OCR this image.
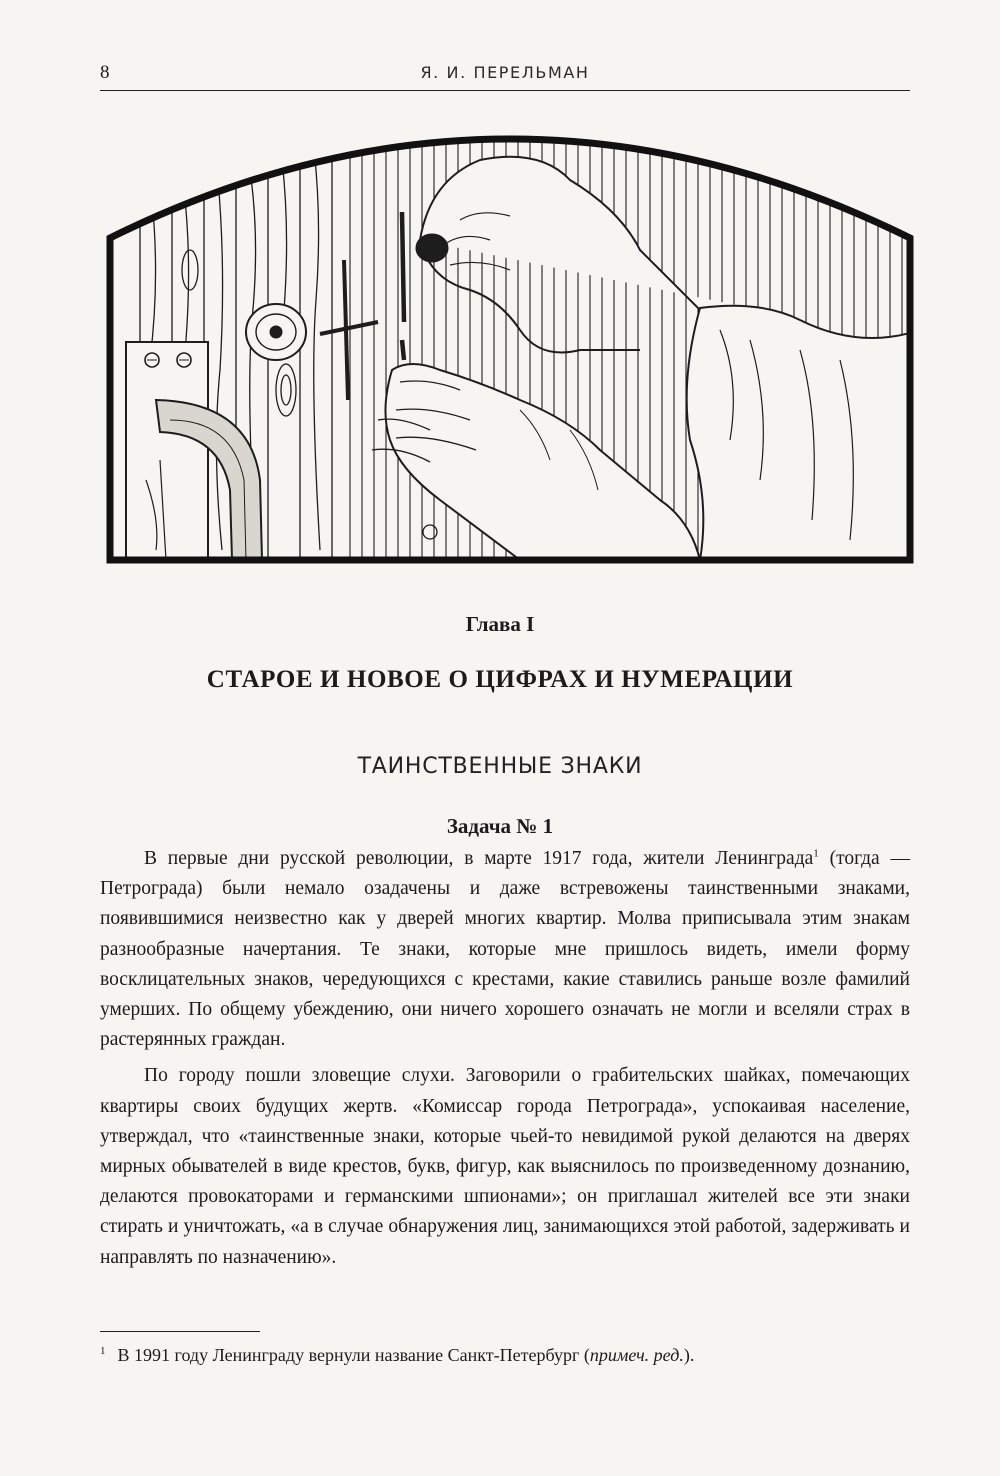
8	Я. И. ПЕРЕЛЬМАН
Глава I
СТАРОЕ И НОВОЕ О ЦИФРАХ И НУМЕРАЦИИ
ТАИНСТВЕННЫЕ ЗНАКИ
Задача № 1

В первые дни русской революции, в марте 1917 года, жители Ленинграда$^1$ (тогда — Петрограда) были немало озадачены и даже встревожены таинственными знаками, появившимися неизвестно как у дверей многих квартир. Молва приписывала этим знакам разнообразные начертания. Те знаки, которые мне пришлось видеть, имели форму восклицательных знаков, чередующихся с крестами, какие ставились раньше возле фамилий умерших. По общему убеждению, они ничего хорошего означать не могли и вселяли страх в растерянных граждан.

По городу пошли зловещие слухи. Заговорили о грабительских шайках, помечающих квартиры своих будущих жертв. «Комиссар города Петрограда», успокаивая население, утверждал, что «таинственные знаки, которые чьей-то невидимой рукой делаются на дверях мирных обывателей в виде крестов, букв, фигур, как выяснилось по произведенному дознанию, делаются провокаторами и германскими шпионами»; он приглашал жителей все эти знаки стирать и уничтожать, «а в случае обнаружения лиц, занимающихся этой работой, задерживать и направлять по назначению».

$^1$ В 1991 году Ленинграду вернули название Санкт-Петербург (примеч. ред.).
